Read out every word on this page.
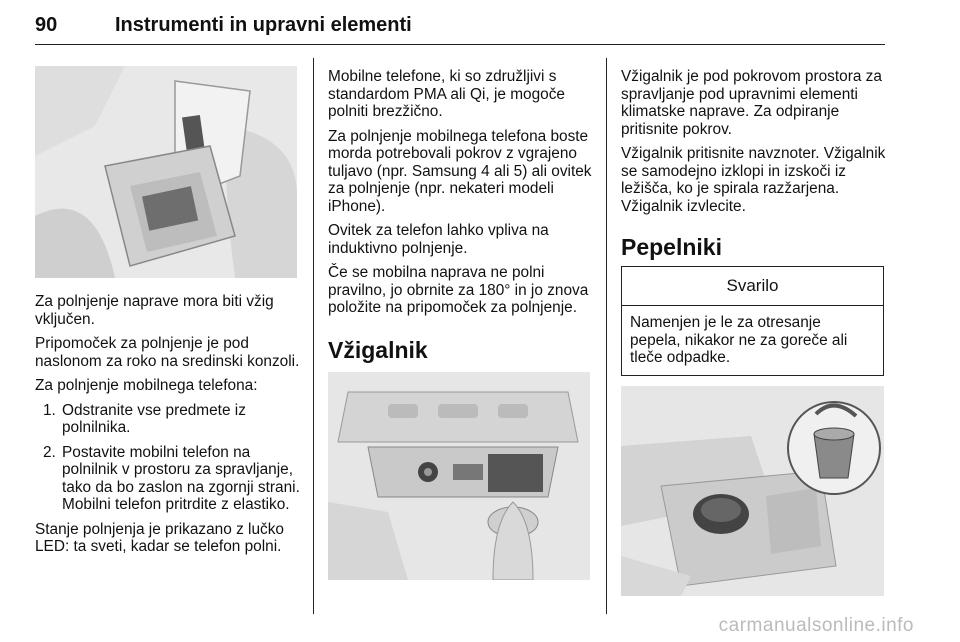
90	Instrumenti in upravni elementi

Za polnjenje naprave mora biti vžig vključen.

Pripomoček za polnjenje je pod naslonom za roko na sredinski konzoli.

Za polnjenje mobilnega telefona:

1. Odstranite vse predmete iz polnilnika.
2. Postavite mobilni telefon na polnilnik v prostoru za spravljanje, tako da bo zaslon na zgornji strani. Mobilni telefon pritrdite z elastiko.

Stanje polnjenja je prikazano z lučko LED: ta sveti, kadar se telefon polni.

Mobilne telefone, ki so združljivi s standardom PMA ali Qi, je mogoče polniti brezžično.

Za polnjenje mobilnega telefona boste morda potrebovali pokrov z vgrajeno tuljavo (npr. Samsung 4 ali 5) ali ovitek za polnjenje (npr. nekateri modeli iPhone).

Ovitek za telefon lahko vpliva na induktivno polnjenje.

Če se mobilna naprava ne polni pravilno, jo obrnite za 180° in jo znova položite na pripomoček za polnjenje.

Vžigalnik

Vžigalnik je pod pokrovom prostora za spravljanje pod upravnimi elementi klimatske naprave. Za odpiranje pritisnite pokrov.

Vžigalnik pritisnite navznoter. Vžigalnik se samodejno izklopi in izskoči iz ležišča, ko je spirala razžarjena. Vžigalnik izvlecite.

Pepelniki
Svarilo
Namenjen je le za otresanje pepela, nikakor ne za goreče ali tleče odpadke.
carmanualsonline.info
